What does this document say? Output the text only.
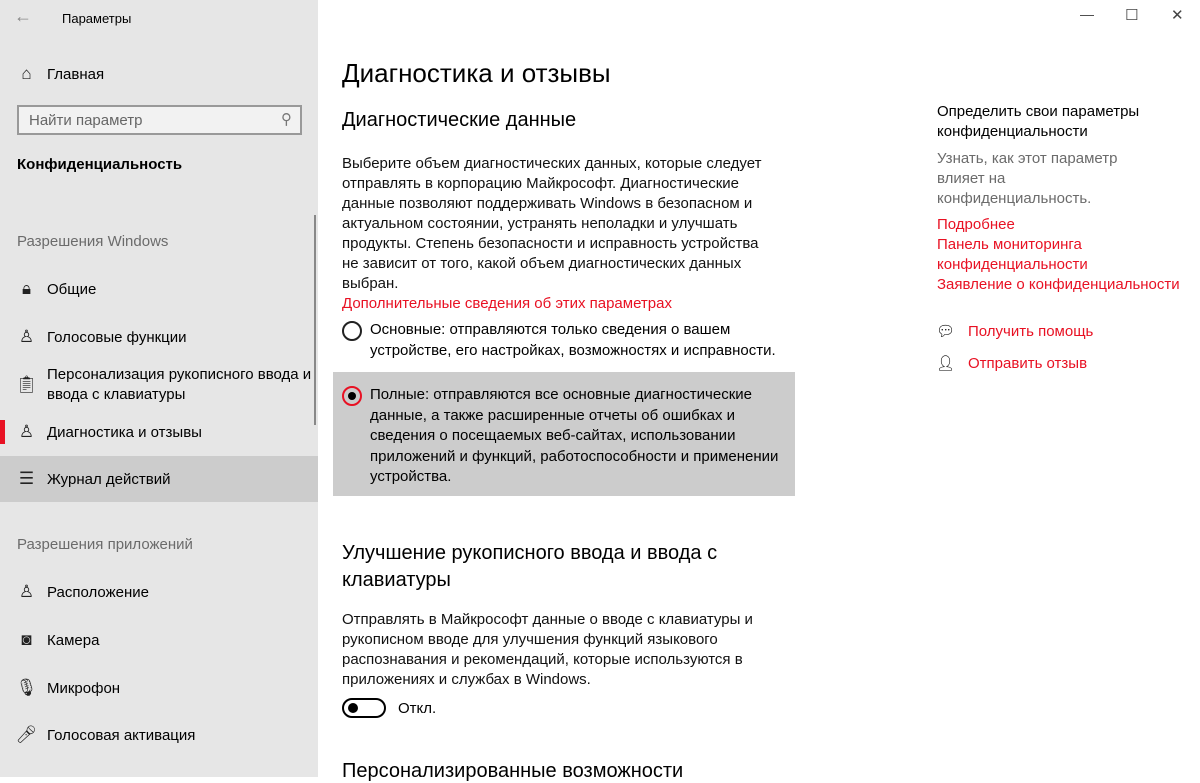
← Параметры
⌂	Главная
Найти параметр	⚲
Конфиденциальность
Разрешения Windows
🔒︎	Общие
♙ Голосовые функции
📋︎
Персонализация рукописного ввода и ввода с клавиатуры
♙ Диагностика и отзывы
☰ Журнал действий
Разрешения приложений
♙ Расположение
◙	Камера
🎙︎ Микрофон
🎤︎ Голосовая активация
— ☐ ✕
Диагностика и отзывы
Диагностические данные

Выберите объем диагностических данных, которые следует отправлять в корпорацию Майкрософт. Диагностические данные позволяют поддерживать Windows в безопасном и актуальном состоянии, устранять неполадки и улучшать продукты. Степень безопасности и исправность устройства не зависит от того, какой объем диагностических данных выбран.

Дополнительные сведения об этих параметрах
Основные: отправляются только сведения о вашем устройстве, его настройках, возможностях и исправности.
Полные: отправляются все основные диагностические данные, а также расширенные отчеты об ошибках и сведения о посещаемых веб-сайтах, использовании приложений и функций, работоспособности и применении устройства.
Улучшение рукописного ввода и ввода с клавиатуры

Отправлять в Майкрософт данные о вводе с клавиатуры и рукописном вводе для улучшения функций языкового распознавания и рекомендаций, которые используются в приложениях и службах в Windows.

Откл.
Персонализированные возможности
Определить свои параметры конфиденциальности
Узнать, как этот параметр влияет на конфиденциальность.
Подробнее
Панель мониторинга конфиденциальности
Заявление о конфиденциальности
💬︎ Получить помощь
👤︎ Отправить отзыв
